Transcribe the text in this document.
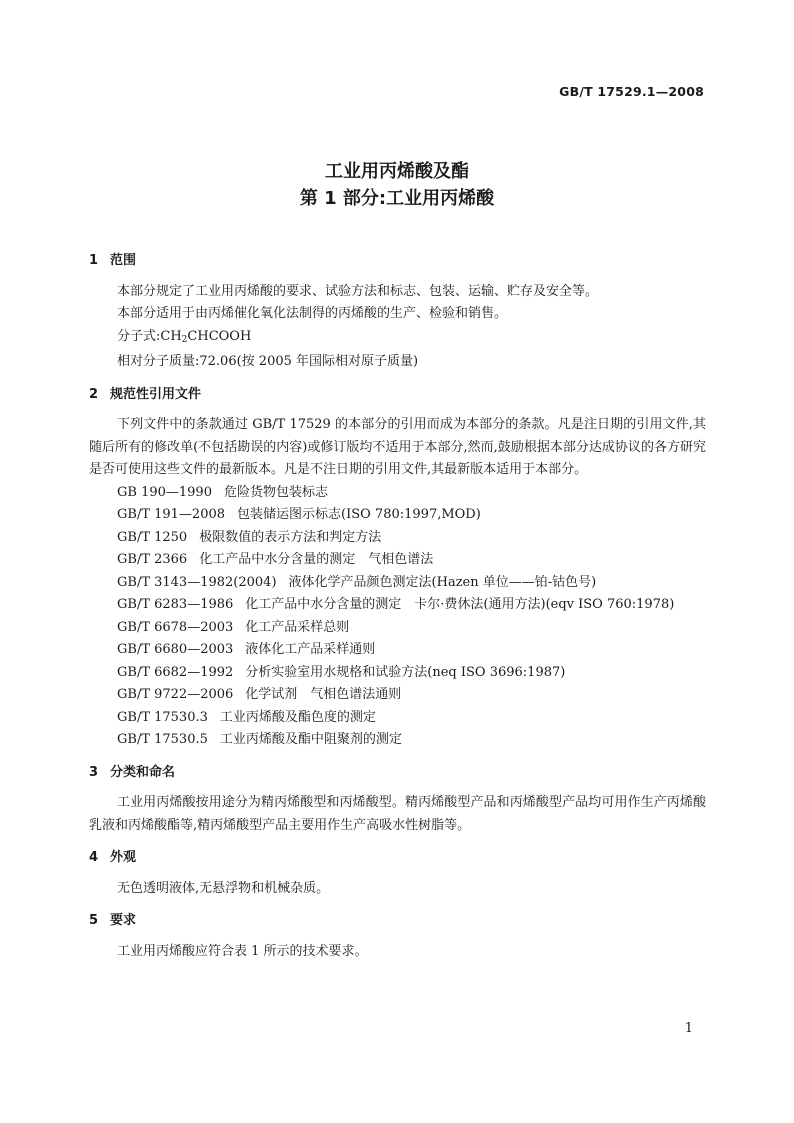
GB/T 17529.1—2008
工业用丙烯酸及酯
第 1 部分:工业用丙烯酸

1 范围

本部分规定了工业用丙烯酸的要求、试验方法和标志、包装、运输、贮存及安全等。

本部分适用于由丙烯催化氧化法制得的丙烯酸的生产、检验和销售。

分子式$:CH_2CHCOOH$

相对分子质量:72.06(按 2005 年国际相对原子质量)

2 规范性引用文件

下列文件中的条款通过 GB/T 17529 的本部分的引用而成为本部分的条款。凡是注日期的引用文件,其随后所有的修改单(不包括勘误的内容)或修订版均不适用于本部分,然而,鼓励根据本部分达成协议的各方研究是否可使用这些文件的最新版本。凡是不注日期的引用文件,其最新版本适用于本部分。

GB 190—1990 危险货物包装标志

GB/T 191—2008 包装储运图示标志(ISO 780:1997,MOD)

GB/T 1250 极限数值的表示方法和判定方法

GB/T 2366 化工产品中水分含量的测定　气相色谱法

GB/T 3143—1982(2004) 液体化学产品颜色测定法(Hazen 单位——铂-钴色号)

GB/T 6283—1986 化工产品中水分含量的测定　卡尔·费休法(通用方法)(eqv ISO 760:1978)

GB/T 6678—2003 化工产品采样总则

GB/T 6680—2003 液体化工产品采样通则

GB/T 6682—1992 分析实验室用水规格和试验方法(neq ISO 3696:1987)

GB/T 9722—2006 化学试剂　气相色谱法通则

GB/T 17530.3 工业丙烯酸及酯色度的测定

GB/T 17530.5 工业丙烯酸及酯中阻聚剂的测定

3 分类和命名

工业用丙烯酸按用途分为精丙烯酸型和丙烯酸型。精丙烯酸型产品和丙烯酸型产品均可用作生产丙烯酸乳液和丙烯酸酯等,精丙烯酸型产品主要用作生产高吸水性树脂等。

4 外观

无色透明液体,无悬浮物和机械杂质。

5 要求

工业用丙烯酸应符合表 1 所示的技术要求。

1
